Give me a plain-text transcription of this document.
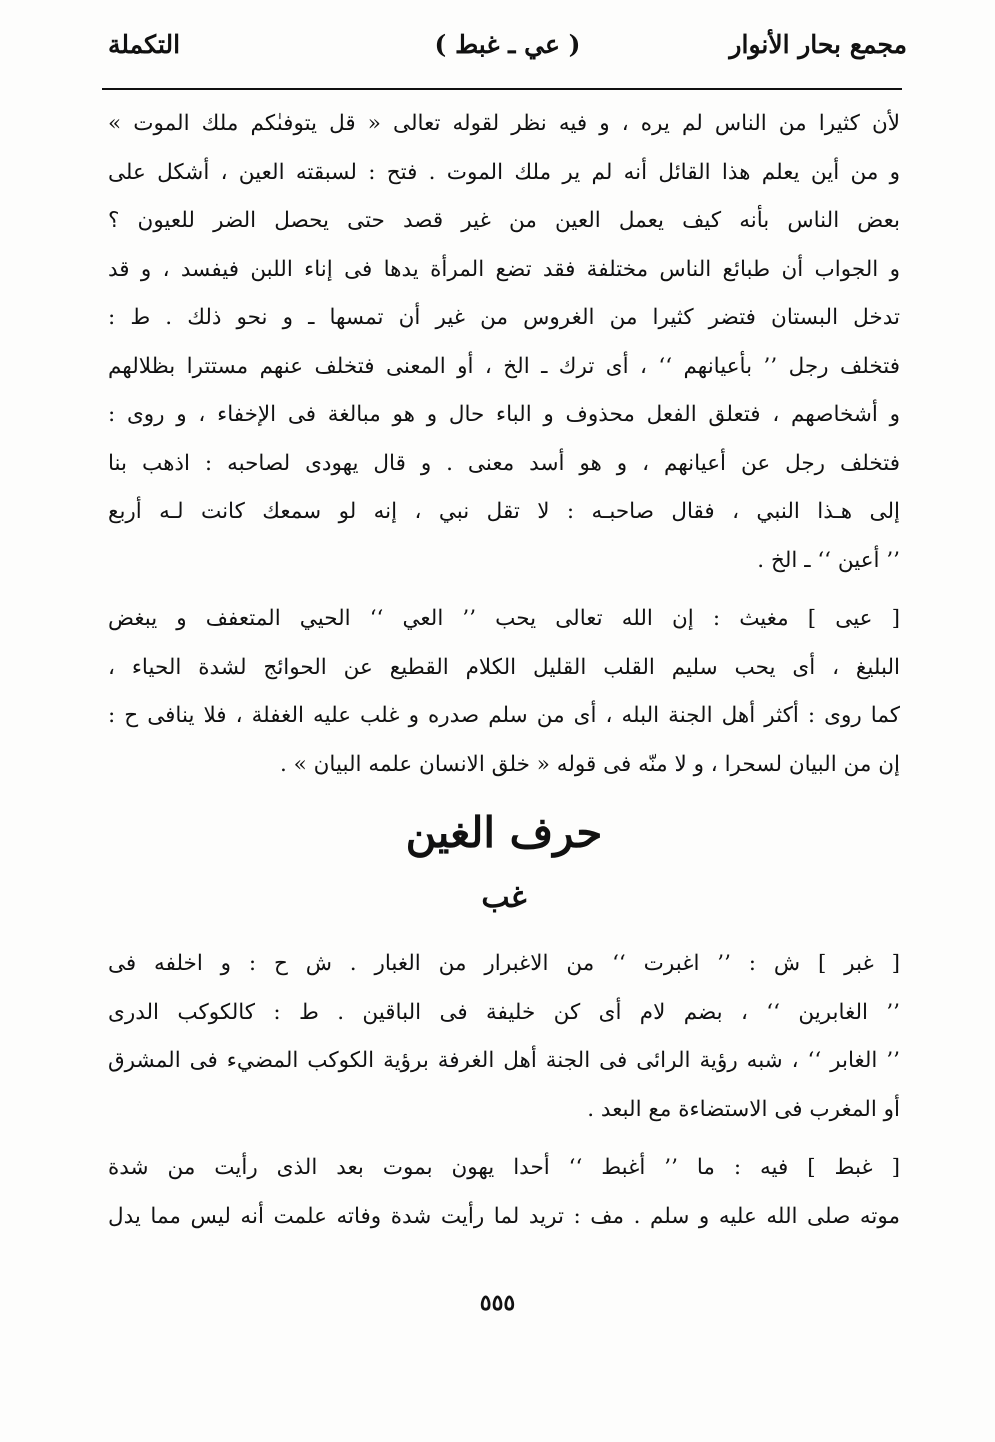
مجمع بحار الأنوار
( عي ـ غبط )
التكملة
لأن كثيرا من الناس لم يره ، و فيه نظر لقوله تعالى « قل يتوفىٰكم ملك الموت »
و من أين يعلم هذا القائل أنه لم ير ملك الموت . فتح : لسبقته العين ، أشكل على
بعض الناس بأنه كيف يعمل العين من غير قصد حتى يحصل الضر للعيون ؟
و الجواب أن طبائع الناس مختلفة فقد تضع المرأة يدها فى إناء اللبن فيفسد ، و قد
تدخل البستان فتضر كثيرا من الغروس من غير أن تمسها ـ و نحو ذلك . ط :
فتخلف رجل ’’ بأعيانهم ‘‘ ، أى ترك ـ الخ ، أو المعنى فتخلف عنهم مستترا بظلالهم
و أشخاصهم ، فتعلق الفعل محذوف و الباء حال و هو مبالغة فى الإخفاء ، و روى :
فتخلف رجل عن أعيانهم ، و هو أسد معنى . و قال يهودى لصاحبه : اذهب بنا
إلى هـذا النبي ، فقال صاحبـه : لا تقل نبي ، إنه لو سمعك كانت لـه أربع
’’ أعين ‘‘ ـ الخ .
[ عيى ] مغيث : إن الله تعالى يحب ’’ العي ‘‘ الحيي المتعفف و يبغض
البليغ ، أى يحب سليم القلب القليل الكلام القطيع عن الحوائج لشدة الحياء ،
كما روى : أكثر أهل الجنة البله ، أى من سلم صدره و غلب عليه الغفلة ، فلا ينافى ح :
إن من البيان لسحرا ، و لا منّه فى قوله « خلق الانسان علمه البيان » .
حرف الغين
غب
[ غبر ] ش : ’’ اغبرت ‘‘ من الاغبرار من الغبار . ش ح : و اخلفه فى
’’ الغابرين ‘‘ ، بضم لام أى كن خليفة فى الباقين . ط : كالكوكب الدرى
’’ الغابر ‘‘ ، شبه رؤية الرائى فى الجنة أهل الغرفة برؤية الكوكب المضيء فى المشرق
أو المغرب فى الاستضاءة مع البعد .
[ غبط ] فيه : ما ’’ أغبط ‘‘ أحدا يهون بموت بعد الذى رأيت من شدة
موته صلى الله عليه و سلم . مف : تريد لما رأيت شدة وفاته علمت أنه ليس مما يدل
٥٥٥
